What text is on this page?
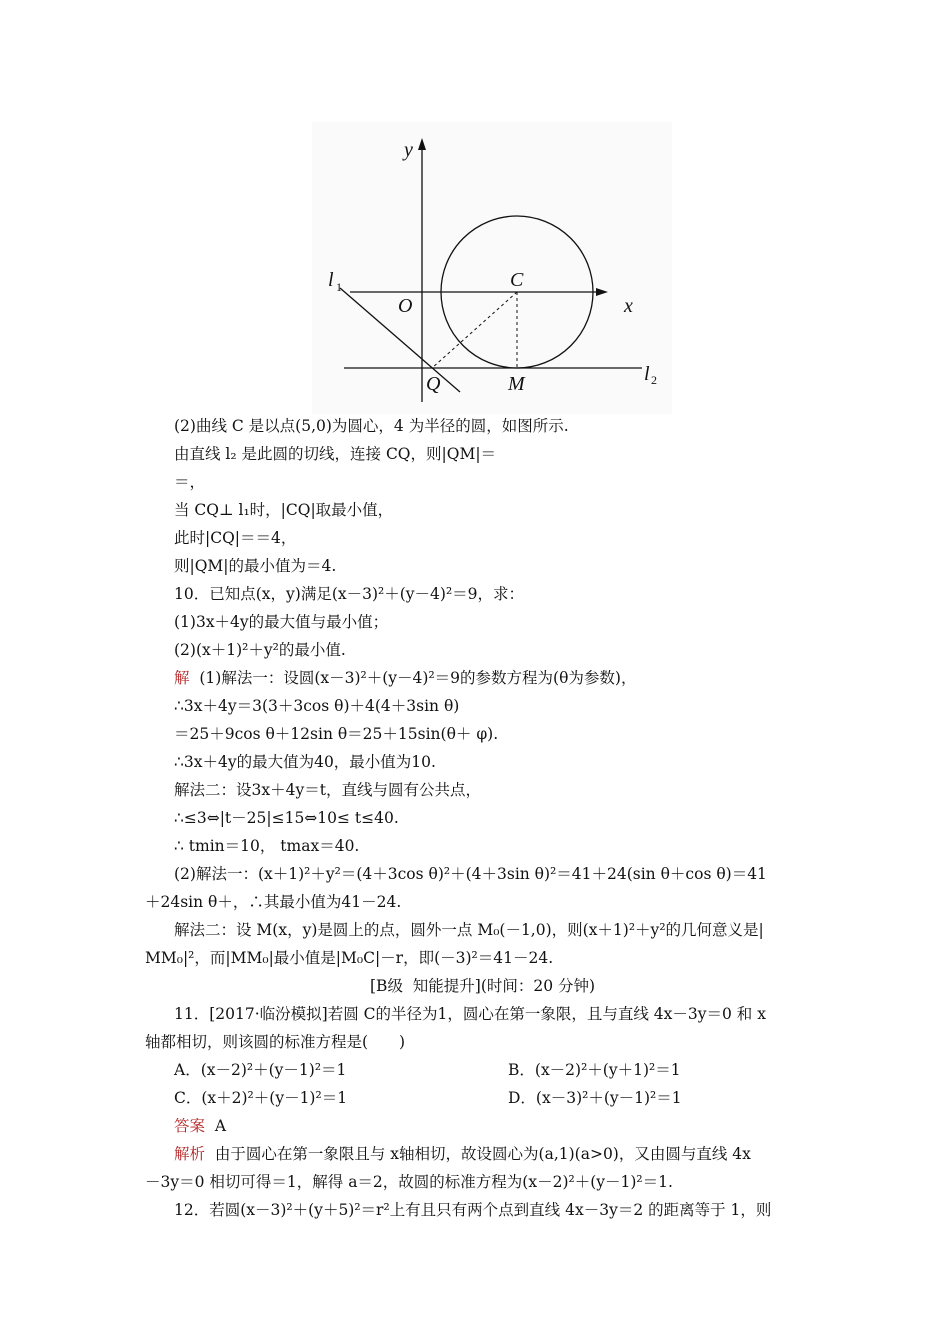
y
x
l 1
l 2
O
C
Q	M
(2)曲线 C 是以点(5,0)为圆心，4 为半径的圆，如图所示.
由直线 l₂ 是此圆的切线，连接 CQ，则|QM|＝
＝，
当 CQ⊥ l₁时，|CQ|取最小值，
此时|CQ|＝＝4，
则|QM|的最小值为＝4.
10．已知点(x，y)满足(x－3)²＋(y－4)²＝9，求：
(1)3x＋4y的最大值与最小值；
(2)(x＋1)²＋y²的最小值.
解  (1)解法一：设圆(x－3)²＋(y－4)²＝9的参数方程为(θ为参数)，
∴3x＋4y＝3(3＋3cos θ)＋4(4＋3sin θ)
＝25＋9cos θ＋12sin θ＝25＋15sin(θ＋ φ).
∴3x＋4y的最大值为40，最小值为10.
解法二：设3x＋4y＝t，直线与圆有公共点，
∴≤3⇔|t－25|≤15⇔10≤ t≤40.
∴ tmin＝10， tmax＝40.
(2)解法一：(x＋1)²＋y²＝(4＋3cos θ)²＋(4＋3sin θ)²＝41＋24(sin θ＋cos θ)＝41
＋24sin θ＋，∴其最小值为41－24.
解法二：设 M(x，y)是圆上的点，圆外一点 M₀(－1,0)，则(x＋1)²＋y²的几何意义是|
MM₀|²，而|MM₀|最小值是|M₀C|－r，即(－3)²＝41－24.
[B级  知能提升](时间：20 分钟)
11．[2017·临汾模拟]若圆 C的半径为1，圆心在第一象限，且与直线 4x－3y＝0 和 x
轴都相切，则该圆的标准方程是(　　)
A．(x－2)²＋(y－1)²＝1	B．(x－2)²＋(y＋1)²＝1
C．(x＋2)²＋(y－1)²＝1	D．(x－3)²＋(y－1)²＝1
答案  A
解析  由于圆心在第一象限且与 x轴相切，故设圆心为(a,1)(a>0)，又由圆与直线 4x
－3y＝0 相切可得＝1，解得 a＝2，故圆的标准方程为(x－2)²＋(y－1)²＝1.
12．若圆(x－3)²＋(y＋5)²＝r²上有且只有两个点到直线 4x－3y＝2 的距离等于 1，则
